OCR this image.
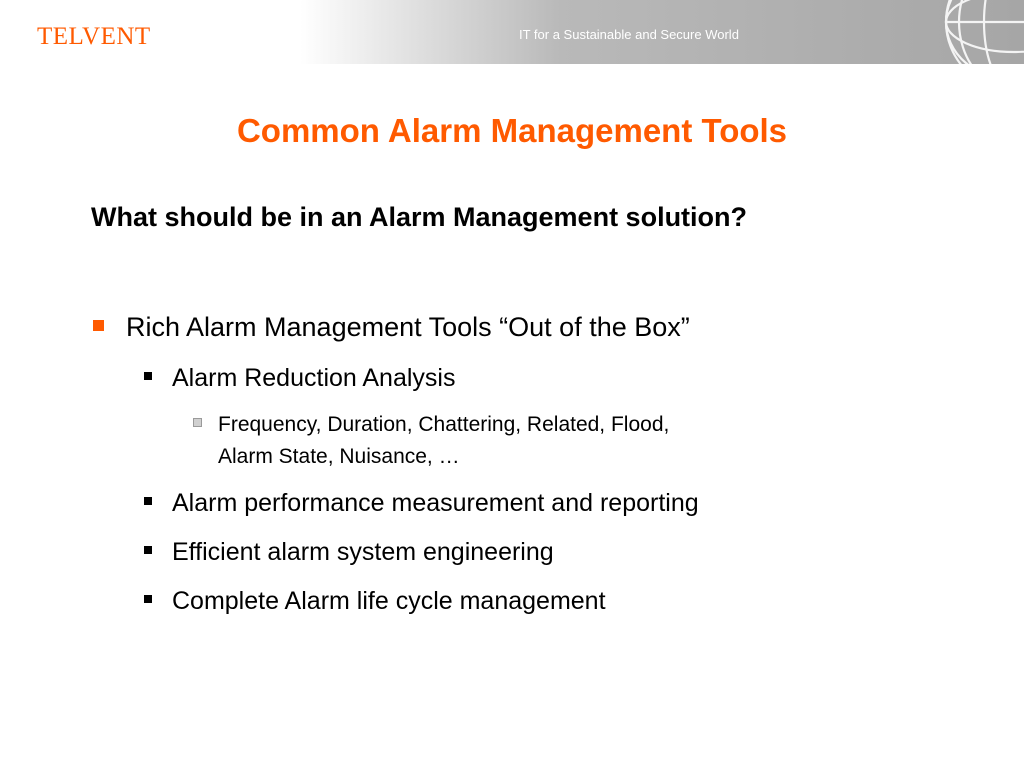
TELVENT	IT for a Sustainable and Secure World
Common Alarm Management Tools
What should be in an Alarm Management solution?
Rich Alarm Management Tools “Out of the Box”
Alarm Reduction Analysis
Frequency, Duration, Chattering, Related, Flood,
Alarm State, Nuisance, …
Alarm performance measurement and reporting
Efficient alarm system engineering
Complete Alarm life cycle management
